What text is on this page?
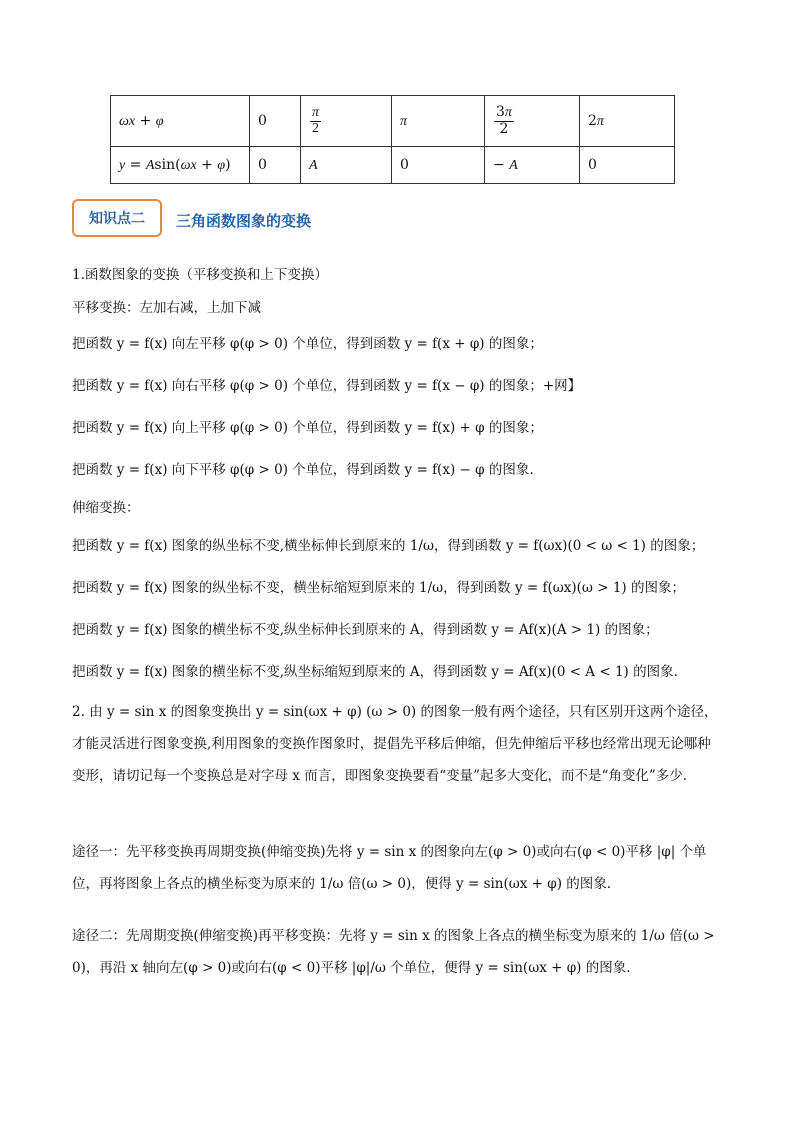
ωx + φ	0	$\frac{\pi}{2}$	π	$\frac{3\pi}{2}$	2π
y = Asin(ωx + φ)	0	A	0	− A	0
知识点二	三角函数图象的变换
1.函数图象的变换（平移变换和上下变换）
平移变换：左加右减，上加下减
把函数 y = f(x) 向左平移 φ(φ > 0) 个单位，得到函数 y = f(x + φ) 的图象；
把函数 y = f(x) 向右平移 φ(φ > 0) 个单位，得到函数 y = f(x − φ) 的图象；+网】
把函数 y = f(x) 向上平移 φ(φ > 0) 个单位，得到函数 y = f(x) + φ 的图象；
把函数 y = f(x) 向下平移 φ(φ > 0) 个单位，得到函数 y = f(x) − φ 的图象.
伸缩变换：
把函数 y = f(x) 图象的纵坐标不变,横坐标伸长到原来的 1/ω，得到函数 y = f(ωx)(0 < ω < 1) 的图象；
把函数 y = f(x) 图象的纵坐标不变，横坐标缩短到原来的 1/ω，得到函数 y = f(ωx)(ω > 1) 的图象；
把函数 y = f(x) 图象的横坐标不变,纵坐标伸长到原来的 A，得到函数 y = Af(x)(A > 1) 的图象；
把函数 y = f(x) 图象的横坐标不变,纵坐标缩短到原来的 A，得到函数 y = Af(x)(0 < A < 1) 的图象.
2. 由 y = sin x 的图象变换出 y = sin(ωx + φ) (ω > 0) 的图象一般有两个途径，只有区别开这两个途径，才能灵活进行图象变换,利用图象的变换作图象时，提倡先平移后伸缩，但先伸缩后平移也经常出现无论哪种变形，请切记每一个变换总是对字母 x 而言，即图象变换要看“变量”起多大变化，而不是“角变化”多少.
途径一：先平移变换再周期变换(伸缩变换)先将 y = sin x 的图象向左(φ > 0)或向右(φ < 0)平移 |φ| 个单位，再将图象上各点的横坐标变为原来的 1/ω 倍(ω > 0)，便得 y = sin(ωx + φ) 的图象.
途径二：先周期变换(伸缩变换)再平移变换：先将 y = sin x 的图象上各点的横坐标变为原来的 1/ω 倍(ω > 0)，再沿 x 轴向左(φ > 0)或向右(φ < 0)平移 |φ|/ω 个单位，便得 y = sin(ωx + φ) 的图象.
